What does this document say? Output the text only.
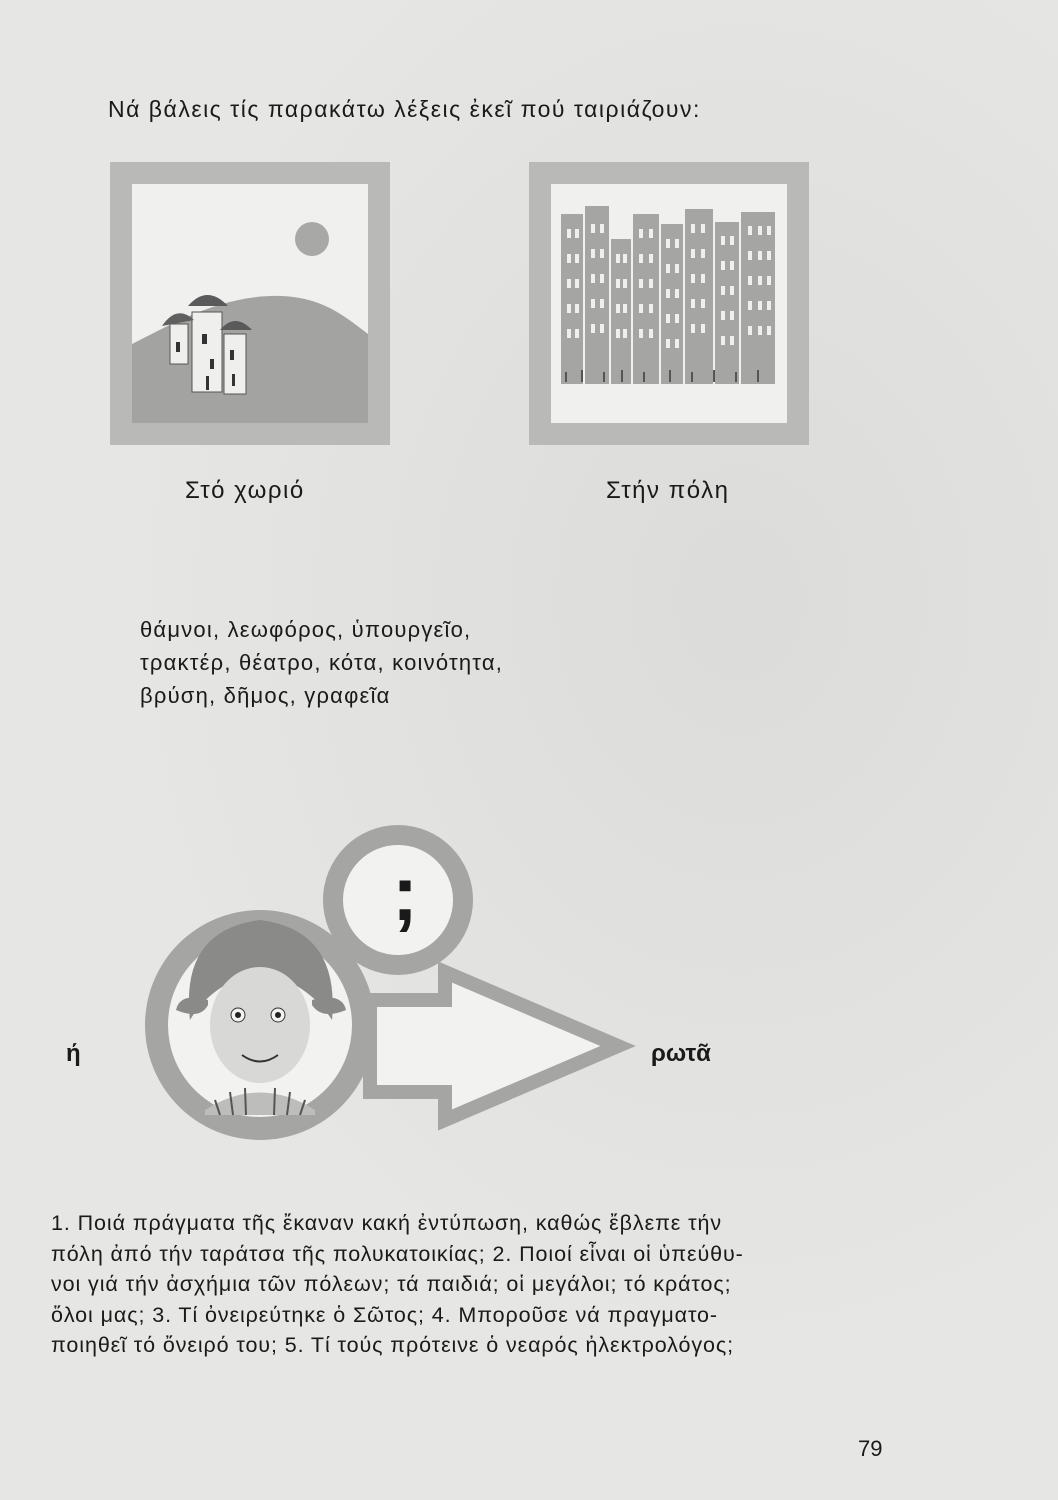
Νά βάλεις τίς παρακάτω λέξεις ἐκεῖ πού ταιριάζουν:
Στό χωριό	Στήν πόλη
θάμνοι, λεωφόρος, ὑπουργεῖο,
τρακτέρ, θέατρο, κότα, κοινότητα,
βρύση, δῆμος, γραφεῖα
;
ή	ρωτᾶ
1. Ποιά πράγματα τῆς ἔκαναν κακή ἐντύπωση, καθώς ἔβλεπε τήν
πόλη ἀπό τήν ταράτσα τῆς πολυκατοικίας; 2. Ποιοί εἶναι οἱ ὑπεύθυ-
νοι γιά τήν ἀσχήμια τῶν πόλεων; τά παιδιά; οἱ μεγάλοι; τό κράτος;
ὅλοι μας; 3. Τί ὀνειρεύτηκε ὁ Σῶτος; 4. Μποροῦσε νά πραγματο-
ποιηθεῖ τό ὄνειρό του; 5. Τί τούς πρότεινε ὁ νεαρός ἠλεκτρολόγος;
79
